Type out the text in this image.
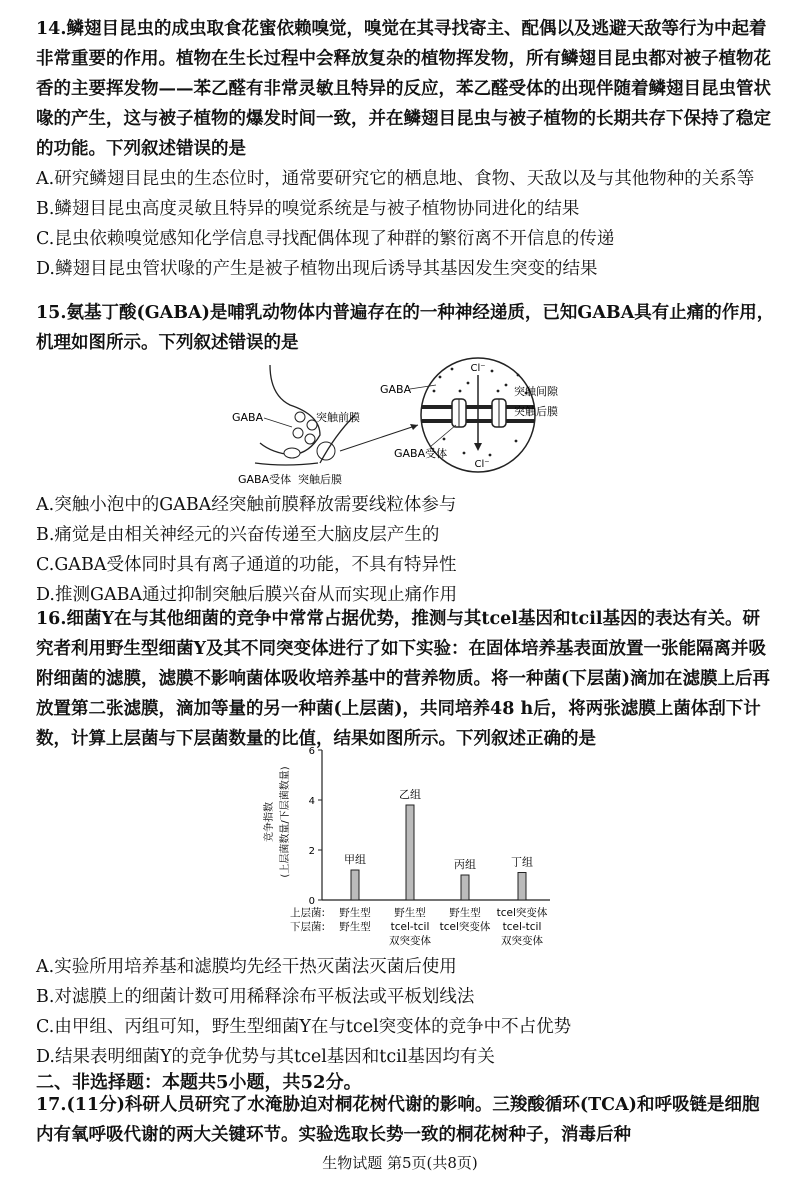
14.鳞翅目昆虫的成虫取食花蜜依赖嗅觉，嗅觉在其寻找寄主、配偶以及逃避天敌等行为中起着非常重要的作用。植物在生长过程中会释放复杂的植物挥发物，所有鳞翅目昆虫都对被子植物花香的主要挥发物——苯乙醛有非常灵敏且特异的反应，苯乙醛受体的出现伴随着鳞翅目昆虫管状喙的产生，这与被子植物的爆发时间一致，并在鳞翅目昆虫与被子植物的长期共存下保持了稳定的功能。下列叙述错误的是

A.研究鳞翅目昆虫的生态位时，通常要研究它的栖息地、食物、天敌以及与其他物种的关系等

B.鳞翅目昆虫高度灵敏且特异的嗅觉系统是与被子植物协同进化的结果

C.昆虫依赖嗅觉感知化学信息寻找配偶体现了种群的繁衍离不开信息的传递

D.鳞翅目昆虫管状喙的产生是被子植物出现后诱导其基因发生突变的结果

15.氨基丁酸(GABA)是哺乳动物体内普遍存在的一种神经递质，已知GABA具有止痛的作用，机理如图所示。下列叙述错误的是

GABA	突触前膜
GABA受体 突触后膜
Cl⁻
Cl⁻
GABA
GABA受体
突触间隙
突触后膜

A.突触小泡中的GABA经突触前膜释放需要线粒体参与

B.痛觉是由相关神经元的兴奋传递至大脑皮层产生的

C.GABA受体同时具有离子通道的功能，不具有特异性

D.推测GABA通过抑制突触后膜兴奋从而实现止痛作用

16.细菌Y在与其他细菌的竞争中常常占据优势，推测与其tcel基因和tcil基因的表达有关。研究者利用野生型细菌Y及其不同突变体进行了如下实验：在固体培养基表面放置一张能隔离并吸附细菌的滤膜，滤膜不影响菌体吸收培养基中的营养物质。将一种菌(下层菌)滴加在滤膜上后再放置第二张滤膜，滴加等量的另一种菌(上层菌)，共同培养48 h后，将两张滤膜上菌体刮下计数，计算上层菌与下层菌数量的比值，结果如图所示。下列叙述正确的是

竞争指数 (上层菌数量/下层菌数量)
0
2
4
6
甲组
野生型
野生型
乙组
野生型
tcel-tcil
双突变体
丙组
野生型
tcel突变体
丁组
tcel突变体
tcel-tcil
双突变体
上层菌:
下层菌:

A.实验所用培养基和滤膜均先经干热灭菌法灭菌后使用

B.对滤膜上的细菌计数可用稀释涂布平板法或平板划线法

C.由甲组、丙组可知，野生型细菌Y在与tcel突变体的竞争中不占优势

D.结果表明细菌Y的竞争优势与其tcel基因和tcil基因均有关

二、非选择题：本题共5小题，共52分。

17.(11分)科研人员研究了水淹胁迫对桐花树代谢的影响。三羧酸循环(TCA)和呼吸链是细胞内有氧呼吸代谢的两大关键环节。实验选取长势一致的桐花树种子，消毒后种

生物试题 第5页(共8页)
